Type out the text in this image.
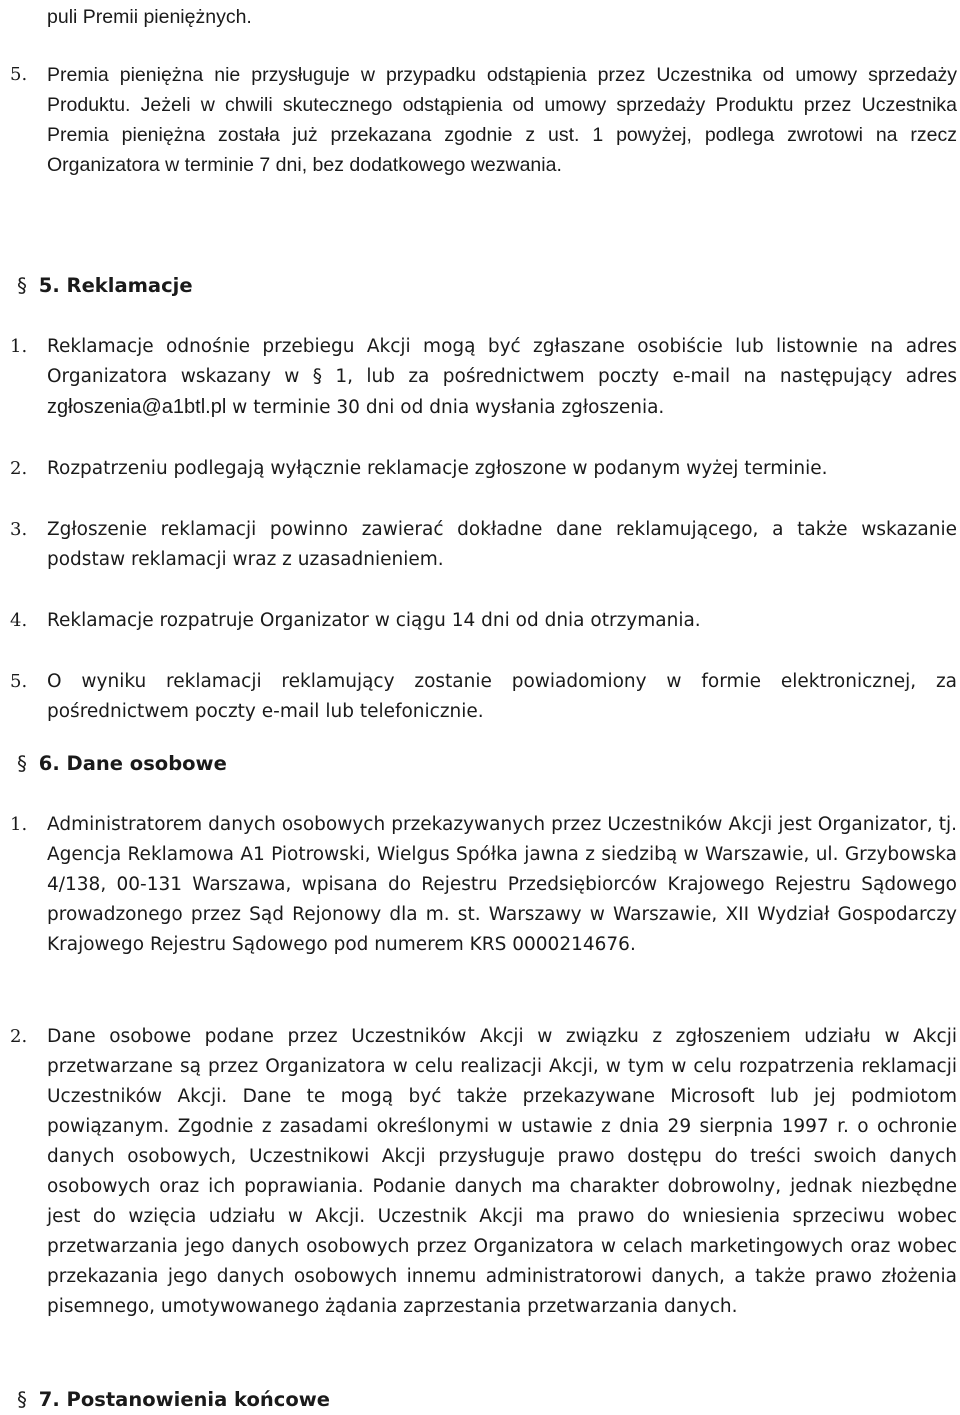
puli Premii pieniężnych.
5.	Premia pieniężna nie przysługuje w przypadku odstąpienia przez Uczestnika od umowy sprzedaży Produktu. Jeżeli w chwili skutecznego odstąpienia od umowy sprzedaży Produktu przez Uczestnika Premia pieniężna została już przekazana zgodnie z ust. 1 powyżej, podlega zwrotowi na rzecz Organizatora w terminie 7 dni, bez dodatkowego wezwania.
§ 5. Reklamacje
1.	Reklamacje odnośnie przebiegu Akcji mogą być zgłaszane osobiście lub listownie na adres Organizatora wskazany w § 1, lub za pośrednictwem poczty e-mail na następujący adres zgłoszenia@a1btl.pl w terminie 30 dni od dnia wysłania zgłoszenia.
2.	Rozpatrzeniu podlegają wyłącznie reklamacje zgłoszone w podanym wyżej terminie.
3.	Zgłoszenie reklamacji powinno zawierać dokładne dane reklamującego, a także wskazanie podstaw reklamacji wraz z uzasadnieniem.
4.	Reklamacje rozpatruje Organizator w ciągu 14 dni od dnia otrzymania.
5.	O wyniku reklamacji reklamujący zostanie powiadomiony w formie elektronicznej, za pośrednictwem poczty e-mail lub telefonicznie.
§ 6. Dane osobowe
1.	Administratorem danych osobowych przekazywanych przez Uczestników Akcji jest Organizator, tj. Agencja Reklamowa A1 Piotrowski, Wielgus Spółka jawna z siedzibą w Warszawie, ul. Grzybowska 4/138, 00-131 Warszawa, wpisana do Rejestru Przedsiębiorców Krajowego Rejestru Sądowego prowadzonego przez Sąd Rejonowy dla m. st. Warszawy w Warszawie, XII Wydział Gospodarczy Krajowego Rejestru Sądowego pod numerem KRS 0000214676.
2.	Dane osobowe podane przez Uczestników Akcji w związku z zgłoszeniem udziału w Akcji przetwarzane są przez Organizatora w celu realizacji Akcji, w tym w celu rozpatrzenia reklamacji Uczestników Akcji. Dane te mogą być także przekazywane Microsoft lub jej podmiotom powiązanym. Zgodnie z zasadami określonymi w ustawie z dnia 29 sierpnia 1997 r. o ochronie danych osobowych, Uczestnikowi Akcji przysługuje prawo dostępu do treści swoich danych osobowych oraz ich poprawiania. Podanie danych ma charakter dobrowolny, jednak niezbędne jest do wzięcia udziału w Akcji. Uczestnik Akcji ma prawo do wniesienia sprzeciwu wobec przetwarzania jego danych osobowych przez Organizatora w celach marketingowych oraz wobec przekazania jego danych osobowych innemu administratorowi danych, a także prawo złożenia pisemnego, umotywowanego żądania zaprzestania przetwarzania danych.
§ 7. Postanowienia końcowe
